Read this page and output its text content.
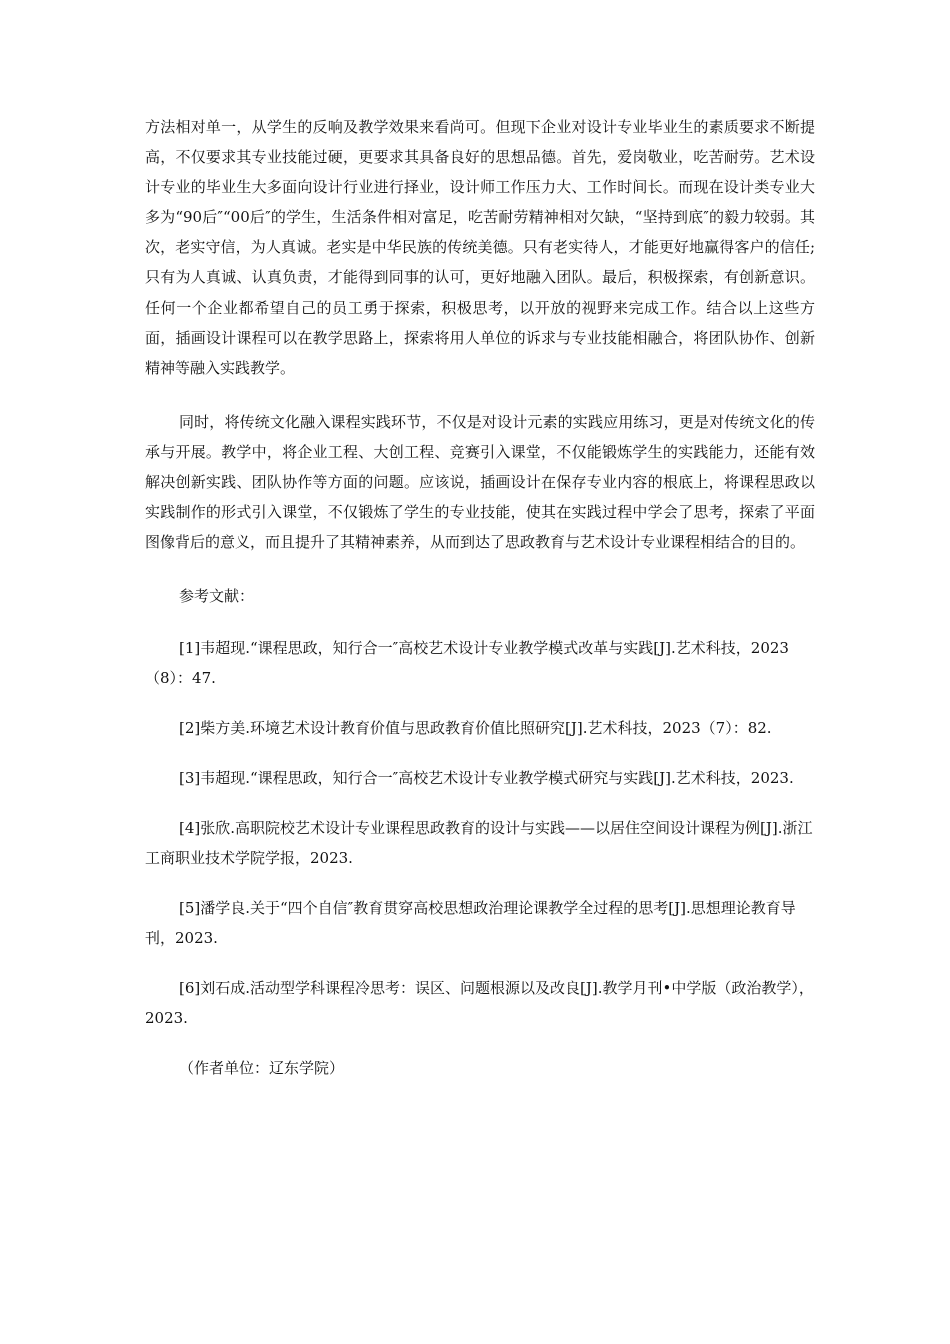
方法相对单一，从学生的反响及教学效果来看尚可。但现下企业对设计专业毕业生的素质要求不断提高，不仅要求其专业技能过硬，更要求其具备良好的思想品德。首先，爱岗敬业，吃苦耐劳。艺术设计专业的毕业生大多面向设计行业进行择业，设计师工作压力大、工作时间长。而现在设计类专业大多为“90后″“00后″的学生，生活条件相对富足，吃苦耐劳精神相对欠缺，“坚持到底″的毅力较弱。其次，老实守信，为人真诚。老实是中华民族的传统美德。只有老实待人，才能更好地赢得客户的信任;只有为人真诚、认真负责，才能得到同事的认可，更好地融入团队。最后，积极探索，有创新意识。任何一个企业都希望自己的员工勇于探索，积极思考，以开放的视野来完成工作。结合以上这些方面，插画设计课程可以在教学思路上，探索将用人单位的诉求与专业技能相融合，将团队协作、创新精神等融入实践教学。

同时，将传统文化融入课程实践环节，不仅是对设计元素的实践应用练习，更是对传统文化的传承与开展。教学中，将企业工程、大创工程、竞赛引入课堂，不仅能锻炼学生的实践能力，还能有效解决创新实践、团队协作等方面的问题。应该说，插画设计在保存专业内容的根底上，将课程思政以实践制作的形式引入课堂，不仅锻炼了学生的专业技能，使其在实践过程中学会了思考，探索了平面图像背后的意义，而且提升了其精神素养，从而到达了思政教育与艺术设计专业课程相结合的目的。

参考文献：

[1]韦超现.“课程思政，知行合一″高校艺术设计专业教学模式改革与实践[J].艺术科技，2023（8）：47.

[2]柴方美.环境艺术设计教育价值与思政教育价值比照研究[J].艺术科技，2023（7）：82.

[3]韦超现.“课程思政，知行合一″高校艺术设计专业教学模式研究与实践[J].艺术科技，2023.

[4]张欣.高职院校艺术设计专业课程思政教育的设计与实践——以居住空间设计课程为例[J].浙江工商职业技术学院学报，2023.

[5]潘学良.关于“四个自信″教育贯穿高校思想政治理论课教学全过程的思考[J].思想理论教育导刊，2023.

[6]刘石成.活动型学科课程冷思考：误区、问题根源以及改良[J].教学月刊•中学版（政治教学）， 2023.

（作者单位：辽东学院）
